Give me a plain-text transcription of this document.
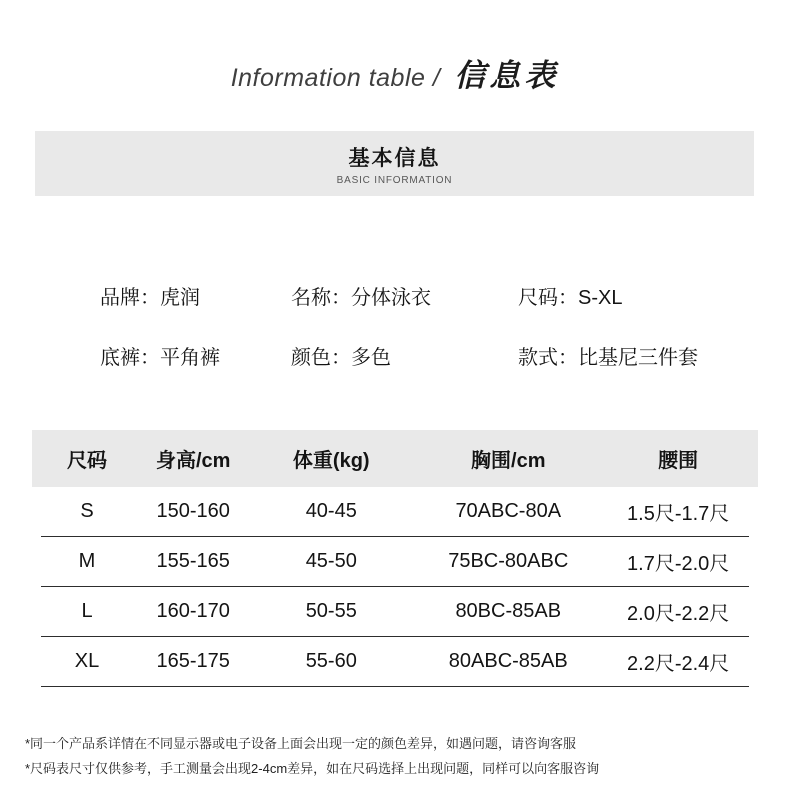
Information table / 信息表
基本信息
BASIC INFORMATION
品牌：虎润	名称：分体泳衣	尺码：S-XL
底裤：平角裤	颜色：多色	款式：比基尼三件套
尺码	身高/cm	体重(kg)	胸围/cm	腰围
S	150-160	40-45	70ABC-80A	1.5尺-1.7尺
M	155-165	45-50	75BC-80ABC	1.7尺-2.0尺
L	160-170	50-55	80BC-85AB	2.0尺-2.2尺
XL	165-175	55-60	80ABC-85AB	2.2尺-2.4尺
*同一个产品系详情在不同显示器或电子设备上面会出现一定的颜色差异，如遇问题，请咨询客服
*尺码表尺寸仅供参考，手工测量会出现2-4cm差异，如在尺码选择上出现问题，同样可以向客服咨询
